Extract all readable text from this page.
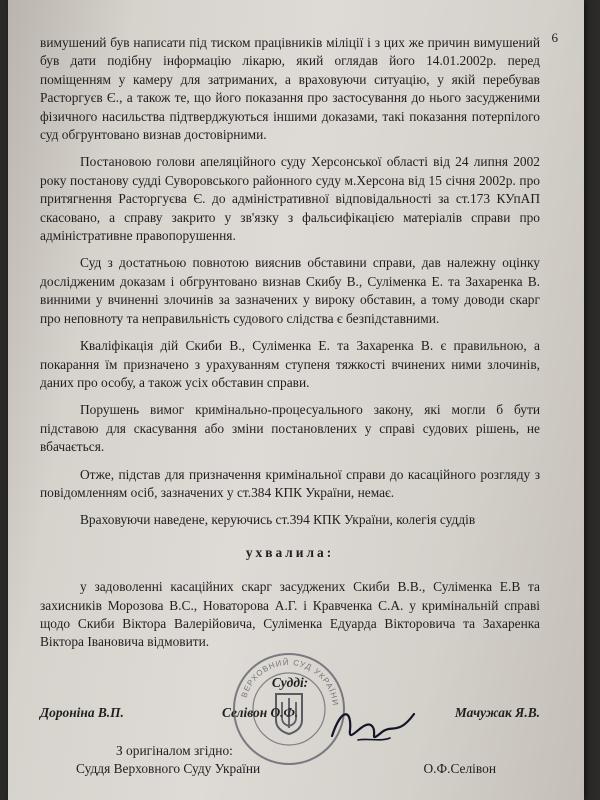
6

вимушений був написати під тиском працівників міліції і з цих же причин вимушений був дати подібну інформацію лікарю, який оглядав його 14.01.2002р. перед поміщенням у камеру для затриманих, а враховуючи ситуацію, у якій перебував Расторгуєв Є., а також те, що його показання про застосування до нього засудженими фізичного насильства підтверджуються іншими доказами, такі показання потерпілого суд обгрунтовано визнав достовірними.

Постановою голови апеляційного суду Херсонської області від 24 липня 2002 року постанову судді Суворовського районного суду м.Херсона від 15 січня 2002р. про притягнення Расторгуєва Є. до адміністративної відповідальності за ст.173 КУпАП скасовано, а справу закрито у зв'язку з фальсифікацією матеріалів справи про адміністративне правопорушення.

Суд з достатньою повнотою вияснив обставини справи, дав належну оцінку дослідженим доказам і обгрунтовано визнав Скибу В., Суліменка Е. та Захаренка В. винними у вчиненні злочинів за зазначених у вироку обставин, а тому доводи скарг про неповноту та неправильність судового слідства є безпідставними.

Кваліфікація дій Скиби В., Суліменка Е. та Захаренка В. є правильною, а покарання їм призначено з урахуванням ступеня тяжкості вчинених ними злочинів, даних про особу, а також усіх обставин справи.

Порушень вимог кримінально-процесуального закону, які могли б бути підставою для скасування або зміни постановлених у справі судових рішень, не вбачається.

Отже, підстав для призначення кримінальної справи до касаційного розгляду з повідомленням осіб, зазначених у ст.384 КПК України, немає.

Враховуючи наведене, керуючись ст.394 КПК України, колегія суддів

ухвалила:

у задоволенні касаційних скарг засуджених Скиби В.В., Суліменка Е.В та захисників Морозова В.С., Новаторова А.Г. і Кравченка С.А. у кримінальній справі щодо Скиби Віктора Валерійовича, Суліменка Едуарда Вікторовича та Захаренка Віктора Івановича відмовити.

Судді:

Дороніна В.П.	Селівон О.Ф.	Мачужак Я.В.
З оригіналом згідно:
Суддя Верховного Суду України	О.Ф.Селівон
ВЕРХОВНИЙ СУД УКРАЇНИ
